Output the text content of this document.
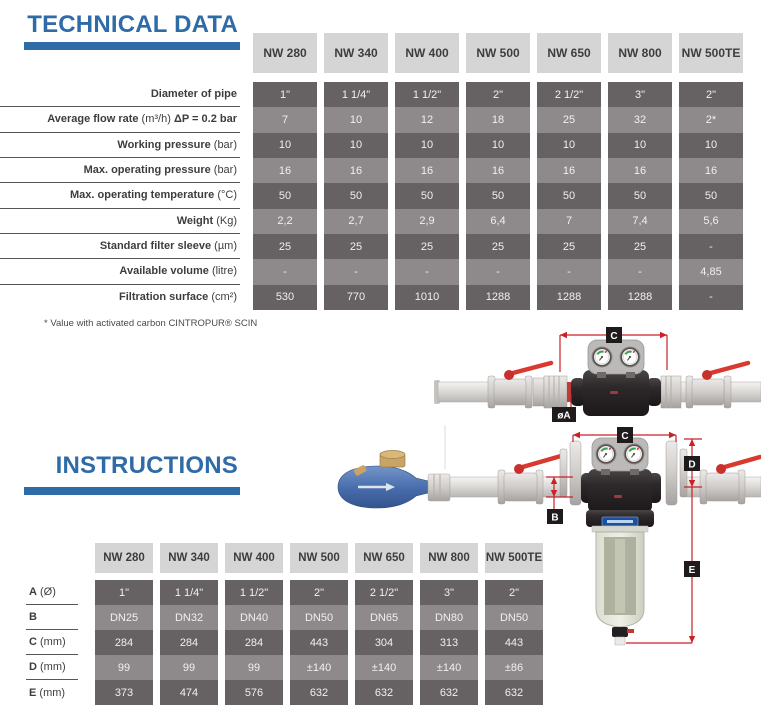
TECHNICAL DATA
Diameter of pipe
Average flow rate (m³/h) ΔP = 0.2 bar
Working pressure (bar)
Max. operating pressure (bar)
Max. operating temperature (°C)
Weight (Kg)
Standard filter sleeve (µm)
Available volume (litre)
Filtration surface (cm²)
NW 280
1"
7
10
16
50
2,2
25
-
530
NW 340
1 1/4"
10
10
16
50
2,7
25
-
770
NW 400
1 1/2"
12
10
16
50
2,9
25
-
1010
NW 500
2"
18
10
16
50
6,4
25
-
1288
NW 650
2 1/2"
25
10
16
50
7
25
-
1288
NW 800
3"
32
10
16
50
7,4
25
-
1288
NW 500TE
2"
2*
10
16
50
5,6
-
4,85
-

* Value with activated carbon CINTROPUR® SCIN

INSTRUCTIONS
A (Ø)
B
C (mm)
D (mm)
E (mm)
NW 280
1"
DN25
284
99
373
NW 340
1 1/4"
DN32
284
99
474
NW 400
1 1/2"
DN40
284
99
576
NW 500
2"
DN50
443
±140
632
NW 650
2 1/2"
DN65
304
±140
632
NW 800
3"
DN80
313
±140
632
NW 500TE
2"
DN50
443
±86
632
C
øA
C
D
E
B
